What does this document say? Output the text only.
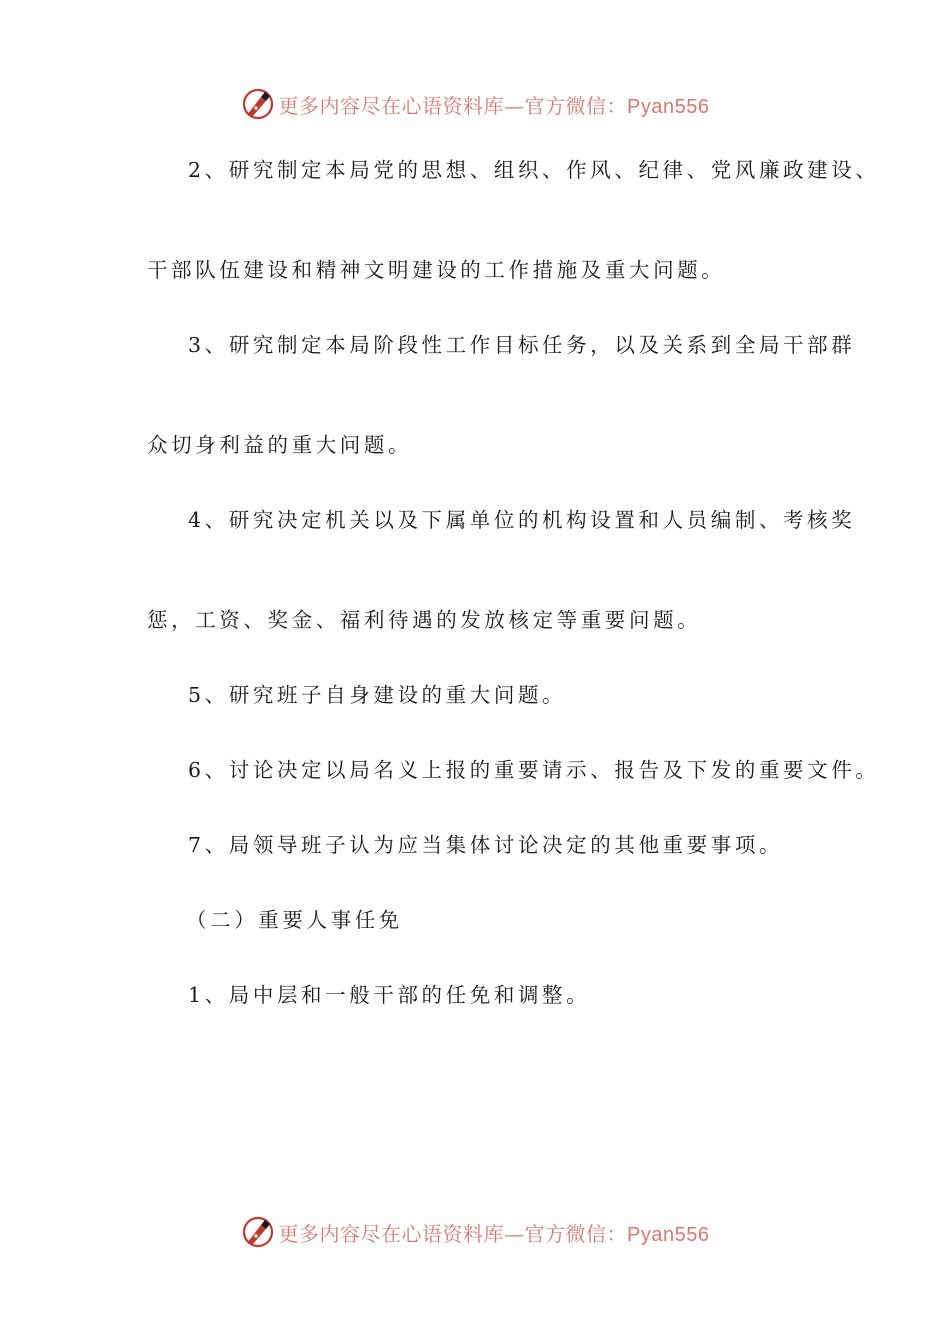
更多内容尽在心语资料库—官方微信：Pyan556
2、研究制定本局党的思想、组织、作风、纪律、党风廉政建设、
干部队伍建设和精神文明建设的工作措施及重大问题。
3、研究制定本局阶段性工作目标任务，以及关系到全局干部群
众切身利益的重大问题。
4、研究决定机关以及下属单位的机构设置和人员编制、考核奖
惩，工资、奖金、福利待遇的发放核定等重要问题。
5、研究班子自身建设的重大问题。
6、讨论决定以局名义上报的重要请示、报告及下发的重要文件。
7、局领导班子认为应当集体讨论决定的其他重要事项。
（二）重要人事任免
1、局中层和一般干部的任免和调整。
更多内容尽在心语资料库—官方微信：Pyan556
